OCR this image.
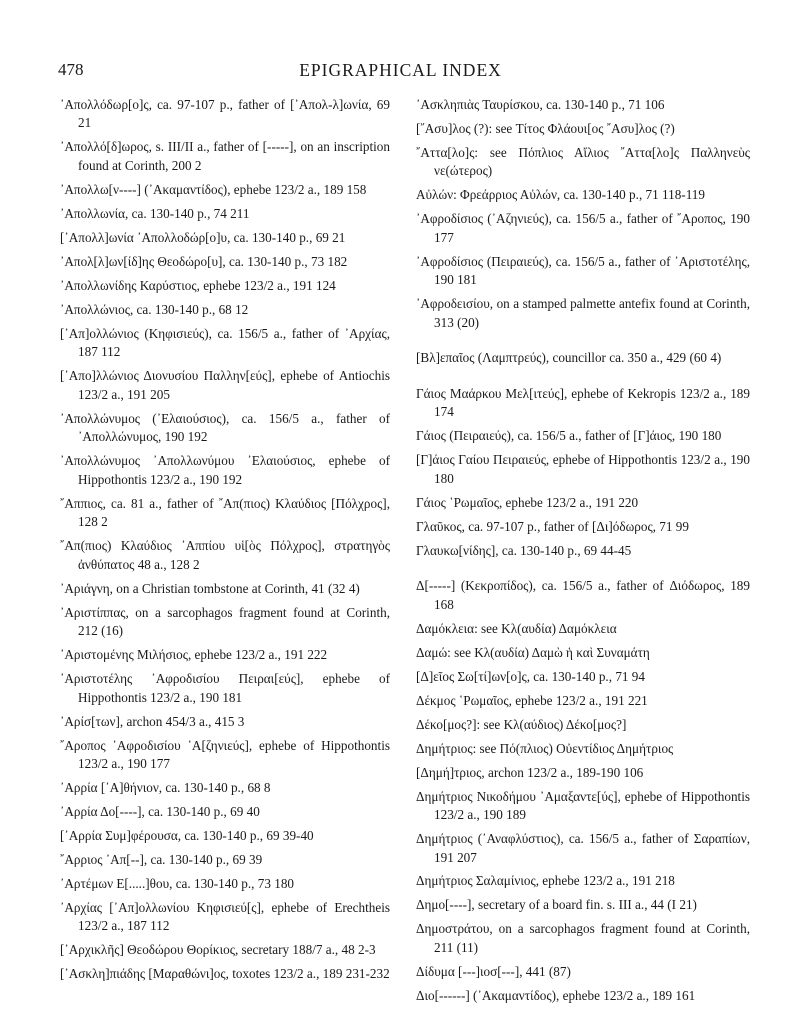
478	EPIGRAPHICAL INDEX
᾿Απολλόδωρ[ο]ς, ca. 97-107 p., father of [᾿Απολ-λ]ωνία, 69 21
᾿Απολλό[δ]ωρος, s. III/II a., father of [-----], on an inscription found at Corinth, 200 2
᾿Απολλω[ν----] (᾿Ακαμαντίδος), ephebe 123/2 a., 189 158
᾿Απολλωνία, ca. 130-140 p., 74 211
[᾿Απολλ]ωνία ᾿Απολλοδώρ[ο]υ, ca. 130-140 p., 69 21
᾿Απολ[λ]ων[ίδ]ης Θεοδώρο[υ], ca. 130-140 p., 73 182
᾿Απολλωνίδης Καρύστιος, ephebe 123/2 a., 191 124
᾿Απολλώνιος, ca. 130-140 p., 68 12
[᾿Απ]ολλώνιος (Κηφισιεύς), ca. 156/5 a., father of ᾿Αρχίας, 187 112
[᾿Απο]λλώνιος Διονυσίου Παλλην[εύς], ephebe of Antiochis 123/2 a., 191 205
᾿Απολλώνυμος (᾿Ελαιούσιος), ca. 156/5 a., father of ᾿Απολλώνυμος, 190 192
᾿Απολλώνυμος ᾿Απολλωνύμου ᾿Ελαιούσιος, ephebe of Hippothontis 123/2 a., 190 192
῎Αππιος, ca. 81 a., father of ῎Απ(πιος) Κλαύδιος [Πόλχρος], 128 2
῎Απ(πιος) Κλαύδιος ᾿Αππίου υἱ[ὸς Πόλχρος], στρατηγὸς ἀνθύπατος 48 a., 128 2
᾿Αριάγνη, on a Christian tombstone at Corinth, 41 (32 4)
᾿Αριστίππας, on a sarcophagos fragment found at Corinth, 212 (16)
᾿Αριστομένης Μιλήσιος, ephebe 123/2 a., 191 222
᾿Αριστοτέλης ᾿Αφροδισίου Πειραι[εύς], ephebe of Hippothontis 123/2 a., 190 181
᾿Αρίσ[των], archon 454/3 a., 415 3
῎Αροπος ᾿Αφροδισίου ᾿Α[ζηνιεύς], ephebe of Hippothontis 123/2 a., 190 177
᾿Αρρία [᾿Α]θήνιον, ca. 130-140 p., 68 8
᾿Αρρία Δο[----], ca. 130-140 p., 69 40
[᾿Αρρία Συμ]φέρουσα, ca. 130-140 p., 69 39-40
῎Αρριος ᾿Απ[--], ca. 130-140 p., 69 39
᾿Αρτέμων Ε[.....]θου, ca. 130-140 p., 73 180
᾿Αρχίας [᾿Απ]ολλωνίου Κηφισιεύ[ς], ephebe of Erechtheis 123/2 a., 187 112
[᾿Αρχικλῆς] Θεοδώρου Θορίκιος, secretary 188/7 a., 48 2-3
[᾿Ασκλη]πιάδης [Μαραθώνι]ος, toxotes 123/2 a., 189 231-232
᾿Ασκληπιὰς Ταυρίσκου, ca. 130-140 p., 71 106
[῎Ασυ]λος (?): see Τίτος Φλάουι[ος ῎Ασυ]λος (?)
῎Αττα[λο]ς: see Πόπλιος Αἴλιος ῎Αττα[λο]ς Παλληνεὺς νε(ώτερος)
Αὐλών: Φρεάρριος Αὐλών, ca. 130-140 p., 71 118-119
᾿Αφροδίσιος (᾿Αζηνιεύς), ca. 156/5 a., father of ῎Αροπος, 190 177
᾿Αφροδίσιος (Πειραιεύς), ca. 156/5 a., father of ᾿Αριστοτέλης, 190 181
᾿Αφροδεισίου, on a stamped palmette antefix found at Corinth, 313 (20)
[Βλ]επαῖος (Λαμπτρεύς), councillor ca. 350 a., 429 (60 4)
Γάιος Μαάρκου Μελ[ιτεύς], ephebe of Kekropis 123/2 a., 189 174
Γάιος (Πειραιεύς), ca. 156/5 a., father of [Γ]άιος, 190 180
[Γ]άιος Γαίου Πειραιεύς, ephebe of Hippothontis 123/2 a., 190 180
Γάιος ῾Ρωμαῖος, ephebe 123/2 a., 191 220
Γλαῦκος, ca. 97-107 p., father of [Δι]όδωρος, 71 99
Γλαυκω[νίδης], ca. 130-140 p., 69 44-45
Δ[-----] (Κεκροπίδος), ca. 156/5 a., father of Διόδωρος, 189 168
Δαμόκλεια: see Κλ(αυδία) Δαμόκλεια
Δαμώ: see Κλ(αυδία) Δαμὼ ἡ καὶ Συναμάτη
[Δ]εῖος Σω[τί]ων[ο]ς, ca. 130-140 p., 71 94
Δέκμος ῾Ρωμαῖος, ephebe 123/2 a., 191 221
Δέκο[μος?]: see Κλ(αύδιος) Δέκο[μος?]
Δημήτριος: see Πό(πλιος) Οὐεντίδιος Δημήτριος
[Δημή]τριος, archon 123/2 a., 189-190 106
Δημήτριος Νικοδήμου ᾿Αμαξαντε[ύς], ephebe of Hippothontis 123/2 a., 190 189
Δημήτριος (᾿Αναφλύστιος), ca. 156/5 a., father of Σαραπίων, 191 207
Δημήτριος Σαλαμίνιος, ephebe 123/2 a., 191 218
Δημο[----], secretary of a board fin. s. III a., 44 (I 21)
Δημοστράτου, on a sarcophagos fragment found at Corinth, 211 (11)
Δίδυμα [---]ιοσ[---], 441 (87)
Διο[------] (᾿Ακαμαντίδος), ephebe 123/2 a., 189 161
